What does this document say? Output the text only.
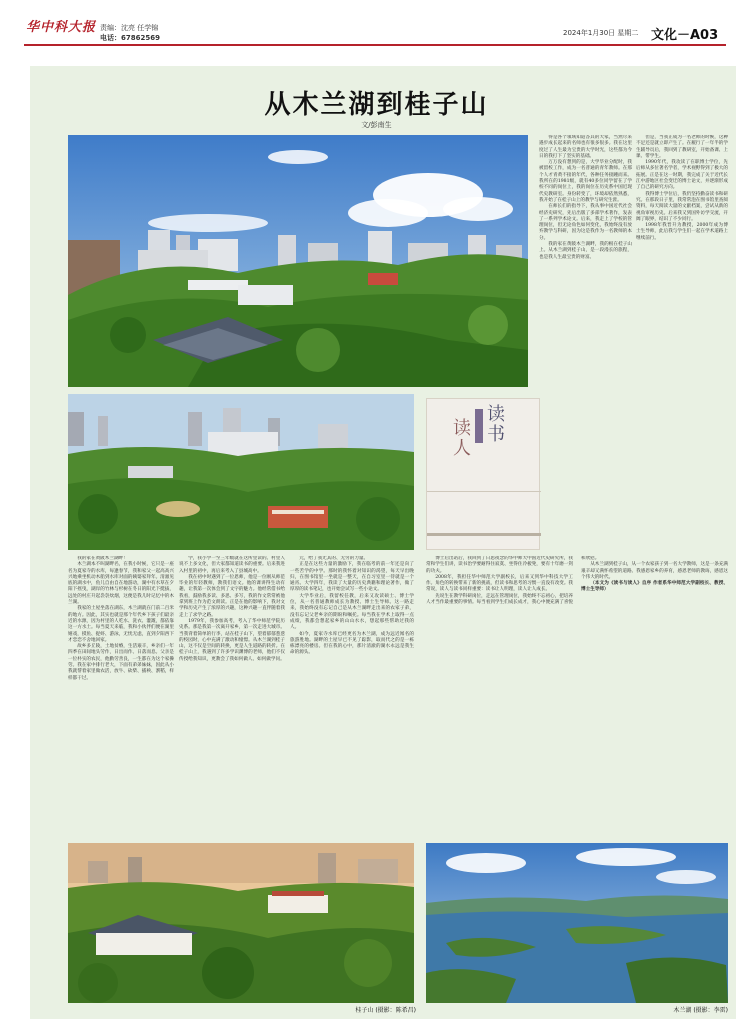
华中科大报 责编：沈亮 任学锦
电话：67862569
2024年1月30日 星期二 文化－A03
从木兰湖到桂子山
文/彭南生
读人
读书

得是各个领域知道答其的大家，当然尽来遇步成长起来的名师也有很多很多。我在这里度过了人生最为宝贵的大学时光，这些都为今日的我打下了坚实的基础。

万万没有想到的是，大学毕业分配时，我被留校工作，成为一名普通的青年教师。在那个人才青黄不接的年代，各种任务接踵而来。我所在的1981级，就有40多位同学留在了学校不同的岗位上，我的岗位在历史系中国近现代史教研室。身份转变了，环境却依然熟悉，我开始了在桂子山上的教学与研究生涯。

在师长们的指导下，我从事中国近代社会经济史研究，先后出版了多部学术著作，发表了一系列学术论文。后来，我走上了学校的管理岗位，但无论角色如何变化，我始终没有放弃教学与科研，因为这是我作为一名教师的本分。

我的家在黄陂木兰湖畔，我的根在桂子山上。从木兰湖到桂子山，是一段漫长的旅程，也是我人生最宝贵的财富。

但是，当我正成为一名老师的时候，这种不足还是就立即产生了。在履行了一年半的学生辅导员后，我回到了教研室，开始备课、上课、带学生。

1990年代，我攻读了在职博士学位，先后师从多位著名学者，学术视野得到了极大的拓展。正是在这一时期，我完成了关于近代长江中游地区社会变迁的博士论文，并逐渐形成了自己的研究方向。

我得博士学位后，我仍坚持勤奋读书和研究。在那段日子里，我常常泡在图书馆里查阅资料，每天阅读大量的文献档案，尝试从新的视角审视历史。后来我又到国外访学交流，开阔了眼界，结识了不少同行。

1998年我晋升为教授，2000年成为博士生导师，此后我与学生们一起在学术道路上继续前行。

我的家在黄陂木兰湖畔！

木兰湖本不叫湖畔名，在我小时候，它只是一座名为夏家寺的水库，每逢春节，我和家父一起高高兴兴地乘坐机动木船到水库对面的姨婆家拜年。清澈见底的湖水中，鱼儿自由自在地游动，湖中有水草在夕阳下摇曳，湖岸的竹林与杉树在冬日的阳光下挺拔，远处的村庄升起袅袅炊烟，这便是我儿时记忆中的木兰湖。

我家的土屋坐落在湖东，木兰湖就在门前二百米的地方。因此，其实也就是那个年代乡下孩子们最亲近的水源，因为村里的人吃水、洗衣、灌溉，都依靠这一方水土。每当夏天来临，我和小伙伴们便在湖里嬉戏，摸鱼、捉虾、游泳，无忧无虑，直到夕阳西下才恋恋不舍地回家。

故乡多丘陵，土地贫瘠，生活艰辛，乡亲们一年四季在田间地头劳作，日出而作、日落而息。父亲是一位朴实的农民，他勤劳善良，一生都在为这个家操劳。我在家中排行老大，下面有弟弟妹妹，因此从小我就帮着家里做农活，放牛、砍柴、插秧、割稻，样样都干过。

学，我小学一至三年级就在这所里读的。村里人说不上多文化，但大家都知道读书的重要。后来我进入村里的初中，再后来考入了县城高中。

我在初中时遇到了一位恩师，他是一位刚从师范毕业的年轻教师，教我们语文。他的课讲得生动有趣，让我第一次体会到了文字的魅力。他经常借书给我看，鼓励我多读、多思、多写，我的作文常常被他拿到班上作为范文朗读。正是在他的影响下，我对文学和历史产生了浓厚的兴趣，这种兴趣一直伴随着我走上了求学之路。

1979年，我参加高考，考入了华中师范学院历史系。那是我第一次离开家乡，第一次走进大城市。当我背着简单的行李，站在桂子山下，望着郁郁葱葱的校园时，心中充满了激动和憧憬。从木兰湖到桂子山，这不仅是空间的转换，更是人生道路的转折。在桂子山上，我遇到了许多学识渊博的老师，他们不仅传授给我知识，更教会了我如何做人、如何做学问。

元，给了我尤其的、无穷的力量。

正是在这些力量的激励下，我在临考的前一年还是向了一些苦学的中学。那时的我怀着对知识的渴望，每天早出晚归，在图书馆里一坐就是一整天，在自习室里一待就是一个通宵。大学四年，我读了大量的历史典籍和理论著作，做了厚厚的读书笔记，也开始尝试写一些小论文。

大学毕业后，我留校任教，后来又攻读硕士、博士学位，从一名普通教师成长为教授、博士生导师。这一路走来，我始终没有忘记自己是从木兰湖畔走出来的农家子弟，没有忘记父老乡亲的期盼和嘱托。每当我在学术上取得一点成绩，我都会想起家乡的山山水水，想起那些帮助过我的人。

如今，夏家寺水库已经更名为木兰湖，成为远近闻名的旅游胜地。湖畔的土屋早已不见了踪影，取而代之的是一栋栋漂亮的楼房。但在我的心中，那片清澈的湖水永远是我生命的源头。

博士后出站后，我回到了日思夜念的华中师大中国近代史研究所，我常和学生们讲，读书治学要耐得住寂寞、坐得住冷板凳，要有十年磨一剑的功夫。

2008年，我担任华中师范大学副校长，后来又到华中科技大学工作。角色的转换带来了新的挑战，但读书和思考的习惯一直没有改变。我常说，读人与读书同样重要：读书让人明理，读人让人成长。

先说生在教学科研岗位，走远在管理岗位，我始终不忘初心，把培养人才当作最重要的事情。每当看到学生们成长成才，我心中便充满了喜悦和欣慰。

从木兰湖到桂子山，从一个农家孩子到一名大学教师，这是一条充满艰辛却又满怀希望的道路。我感恩家乡的养育，感恩老师的教诲，感恩这个伟大的时代。

（本文为《读书与读人》自序 作者系华中师范大学副校长、教授、博士生导师）

桂子山 (摄影：陈希昌)	木兰湖 (摄影：李雷)
